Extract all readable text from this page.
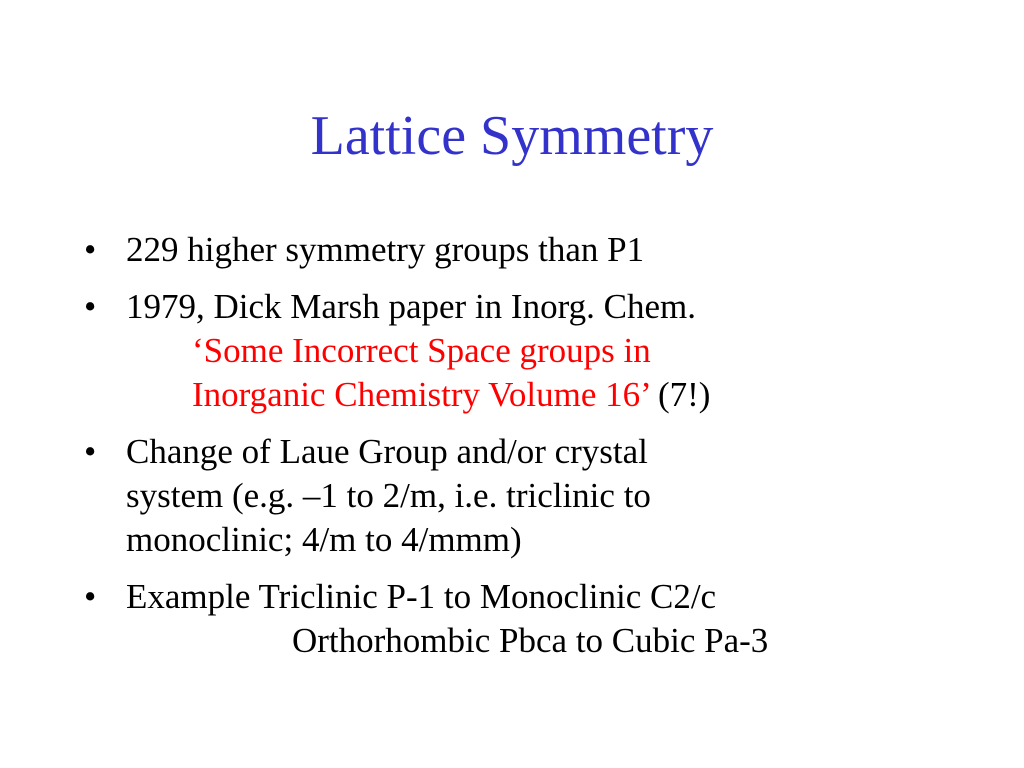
Lattice Symmetry
• 229 higher symmetry groups than P1
• 1979, Dick Marsh paper in Inorg. Chem.
‘Some Incorrect Space groups in
Inorganic Chemistry Volume 16’ (7!)
• Change of Laue Group and/or crystal
system (e.g. –1 to 2/m, i.e. triclinic to
monoclinic; 4/m to 4/mmm)
• Example Triclinic P-1 to Monoclinic C2/c
Orthorhombic Pbca to Cubic Pa-3
